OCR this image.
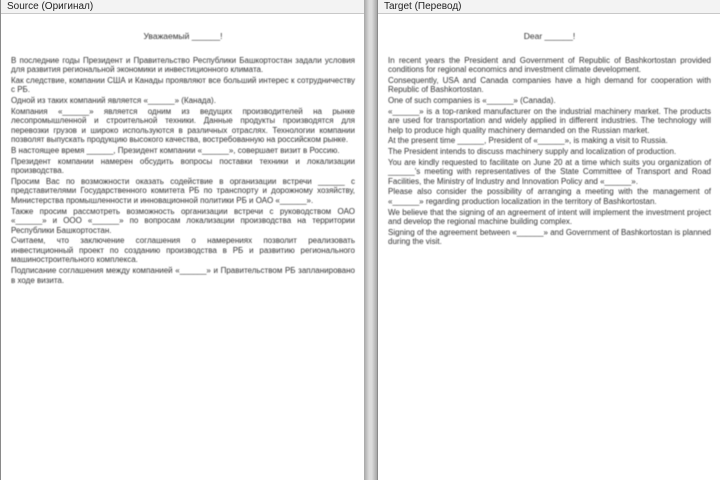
Source (Оригинал)
Уважаемый ______!

В последние годы Президент и Правительство Республики Башкортостан задали условия для развития региональной экономики и инвестиционного климата.

Как следствие, компании США и Канады проявляют все больший интерес к сотрудничеству с РБ.

Одной из таких компаний является «______» (Канада).

Компания «______» является одним из ведущих производителей на рынке лесопромышленной и строительной техники. Данные продукты производятся для перевозки грузов и широко используются в различных отраслях. Технологии компании позволят выпускать продукцию высокого качества, востребованную на российском рынке.

В настоящее время ______, Президент компании «______», совершает визит в Россию.

Президент компании намерен обсудить вопросы поставки техники и локализации производства.

Просим Вас по возможности оказать содействие в организации встречи ______ с представителями Государственного комитета РБ по транспорту и дорожному хозяйству, Министерства промышленности и инновационной политики РБ и ОАО «______».

Также просим рассмотреть возможность организации встречи с руководством ОАО «______» и ООО «______» по вопросам локализации производства на территории Республики Башкортостан.

Считаем, что заключение соглашения о намерениях позволит реализовать инвестиционный проект по созданию производства в РБ и развитию регионального машиностроительного комплекса.

Подписание соглашения между компанией «______» и Правительством РБ запланировано в ходе визита.

Target (Перевод)
Dear ______!

In recent years the President and Government of Republic of Bashkortostan provided conditions for regional economics and investment climate development.

Consequently, USA and Canada companies have a high demand for cooperation with Republic of Bashkortostan.

One of such companies is «______» (Canada).

«______» is a top-ranked manufacturer on the industrial machinery market. The products are used for transportation and widely applied in different industries. The technology will help to produce high quality machinery demanded on the Russian market.

At the present time ______, President of «______», is making a visit to Russia.

The President intends to discuss machinery supply and localization of production.

You are kindly requested to facilitate on June 20 at a time which suits you organization of ______'s meeting with representatives of the State Committee of Transport and Road Facilities, the Ministry of Industry and Innovation Policy and «______».

Please also consider the possibility of arranging a meeting with the management of «______» regarding production localization in the territory of Bashkortostan.

We believe that the signing of an agreement of intent will implement the investment project and develop the regional machine building complex.

Signing of the agreement between «______» and Government of Bashkortostan is planned during the visit.
